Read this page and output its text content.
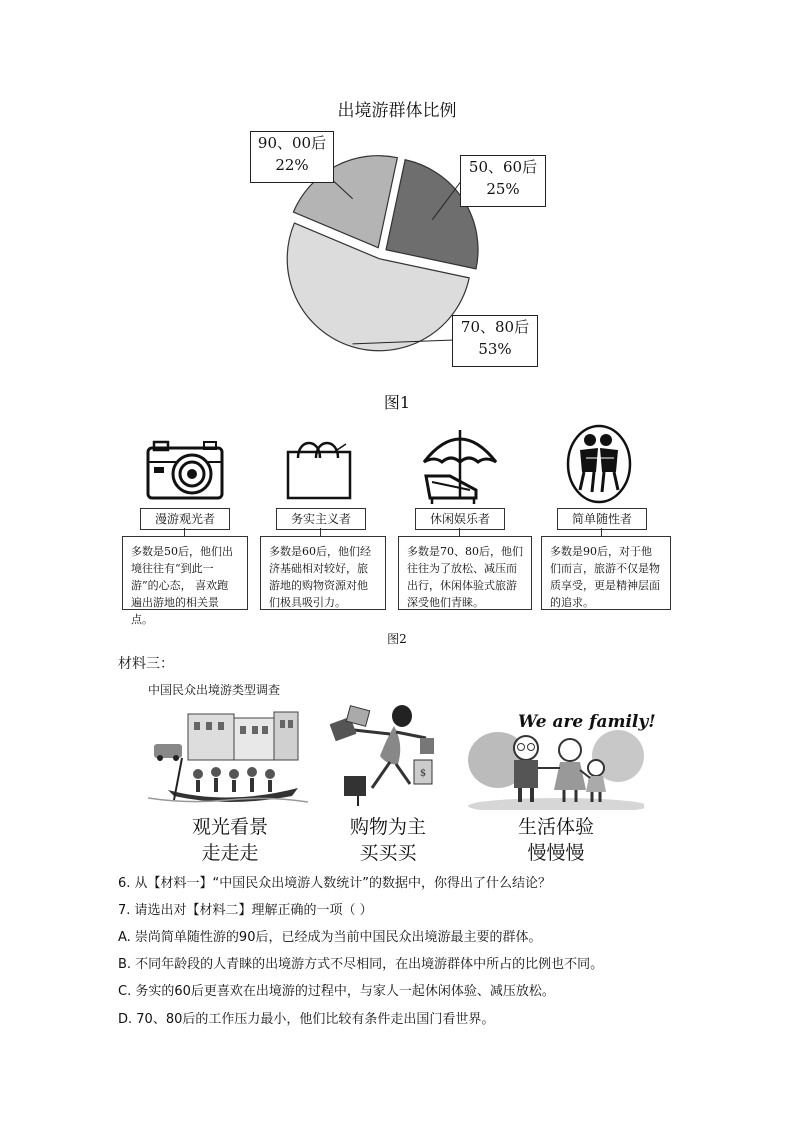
出境游群体比例
90、00后
22%	50、60后
25%
70、80后
53%
图1
漫游观光者	务实主义者	休闲娱乐者	简单随性者
多数是50后，他们出境往往有“到此一游”的心态， 喜欢跑遍出游地的相关景点。
多数是60后，他们经济基础相对较好，旅游地的购物资源对他们极具吸引力。
多数是70、80后，他们往往为了放松、减压而出行，休闲体验式旅游深受他们青睐。
多数是90后，对于他们而言，旅游不仅是物质享受，更是精神层面的追求。
图2
材料三：
中国民众出境游类型调查
$
We are family!
观光看景
走走走
购物为主
买买买
生活体验
慢慢慢
6. 从【材料一】“中国民众出境游人数统计”的数据中，你得出了什么结论？
7. 请选出对【材料二】理解正确的一项（ ）
A. 崇尚简单随性游的90后，已经成为当前中国民众出境游最主要的群体。
B. 不同年龄段的人青睐的出境游方式不尽相同，在出境游群体中所占的比例也不同。
C. 务实的60后更喜欢在出境游的过程中，与家人一起休闲体验、减压放松。
D. 70、80后的工作压力最小，他们比较有条件走出国门看世界。
